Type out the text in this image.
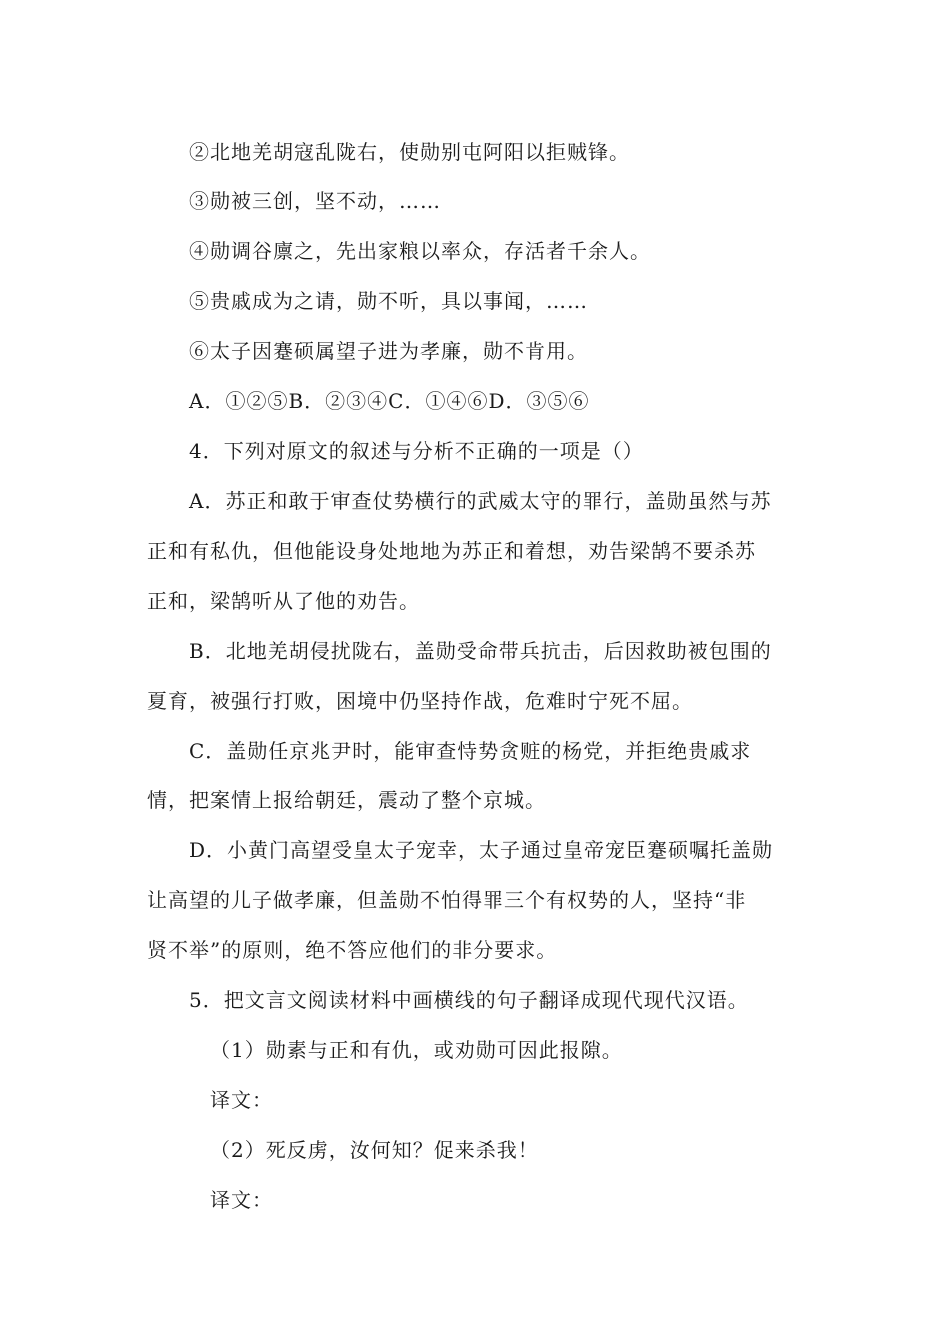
②北地羌胡寇乱陇右，使勋别屯阿阳以拒贼锋。
③勋被三创，坚不动，……
④勋调谷廪之，先出家粮以率众，存活者千余人。
⑤贵戚成为之请，勋不听，具以事闻，……
⑥太子因蹇硕属望子进为孝廉，勋不肯用。
A．①②⑤B．②③④C．①④⑥D．③⑤⑥
4．下列对原文的叙述与分析不正确的一项是（）
A．苏正和敢于审查仗势横行的武威太守的罪行，盖勋虽然与苏
正和有私仇，但他能设身处地地为苏正和着想，劝告梁鹄不要杀苏
正和，梁鹄听从了他的劝告。
B．北地羌胡侵扰陇右，盖勋受命带兵抗击，后因救助被包围的
夏育，被强行打败，困境中仍坚持作战，危难时宁死不屈。
C．盖勋任京兆尹时，能审查恃势贪赃的杨党，并拒绝贵戚求
情，把案情上报给朝廷，震动了整个京城。
D．小黄门高望受皇太子宠幸，太子通过皇帝宠臣蹇硕嘱托盖勋
让高望的儿子做孝廉，但盖勋不怕得罪三个有权势的人，坚持“非
贤不举”的原则，绝不答应他们的非分要求。
5．把文言文阅读材料中画横线的句子翻译成现代现代汉语。
（1）勋素与正和有仇，或劝勋可因此报隙。
译文：
（2）死反虏，汝何知？促来杀我！
译文：
